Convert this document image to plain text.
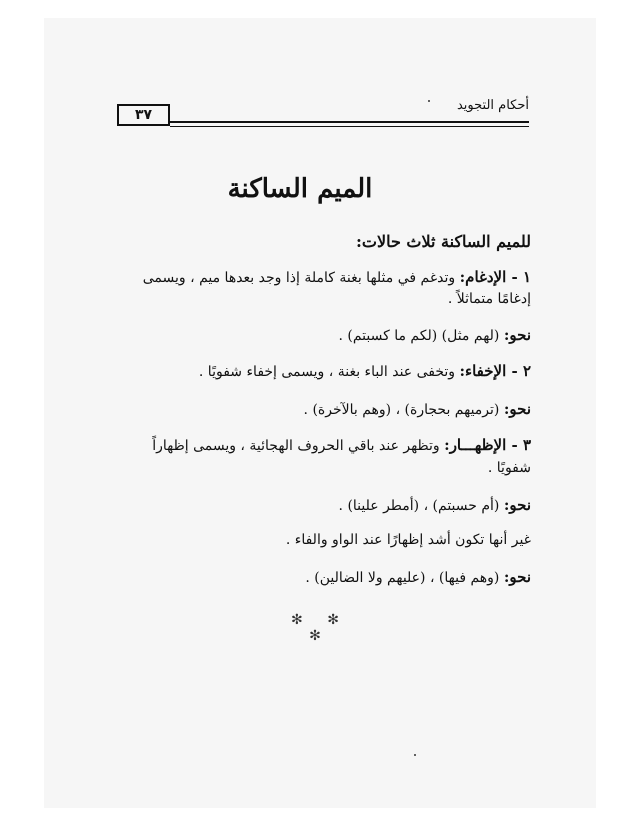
أحكام التجويد
٣٧
الميم الساكنة
للميم الساكنة ثلاث حالات:
١ - الإدغام: وتدغم في مثلها بغنة كاملة إذا وجد بعدها ميم ، ويسمى
إدغامًا متماثلاً .
نحو: (لهم مثل) (لكم ما كسبتم) .
٢ - الإخفاء: وتخفى عند الباء بغنة ، ويسمى إخفاء شفويًا .
نحو: (ترميهم بحجارة) ، (وهم بالآخرة) .
٣ - الإظهـــار: وتظهر عند باقي الحروف الهجائية ، ويسمى إظهاراً
شفويًا .
نحو: (أم حسبتم) ، (أمطر علينا) .
غير أنها تكون أشد إظهارًا عند الواو والفاء .
نحو: (وهم فيها) ، (عليهم ولا الضالين) .
✻ ✻ ✻
